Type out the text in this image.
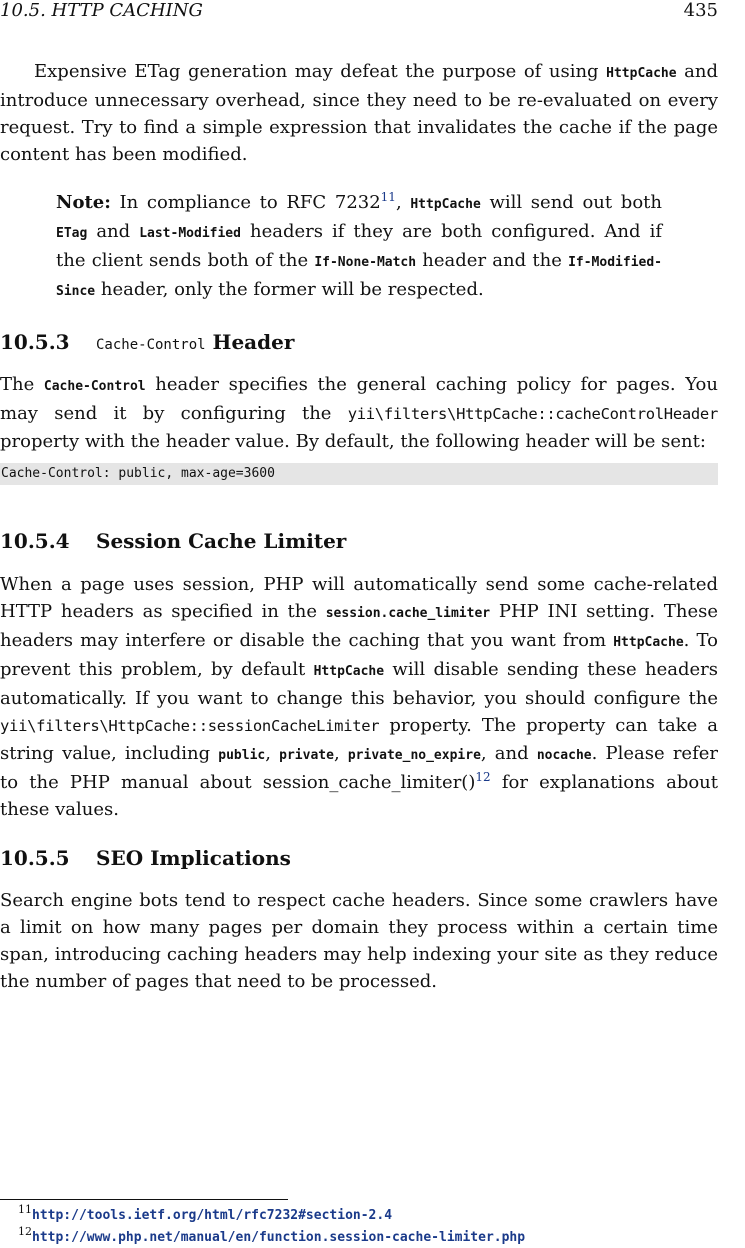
10.5. HTTP CACHING	435

Expensive ETag generation may defeat the purpose of using HttpCache and introduce unnecessary overhead, since they need to be re-evaluated on every request. Try to find a simple expression that invalidates the cache if the page content has been modified.

Note: In compliance to RFC 7232$^{11}$, HttpCache will send out both ETag and Last-Modified headers if they are both configured. And if the client sends both of the If-None-Match header and the If-Modified-Since header, only the former will be respected.

10.5.3 Cache-Control Header

The Cache-Control header specifies the general caching policy for pages. You may send it by configuring the yii\filters\HttpCache::cacheControlHeader property with the header value. By default, the following header will be sent:

Cache-Control: public, max-age=3600
10.5.4 Session Cache Limiter

When a page uses session, PHP will automatically send some cache-related HTTP headers as specified in the session.cache_limiter PHP INI setting. These headers may interfere or disable the caching that you want from HttpCache. To prevent this problem, by default HttpCache will disable sending these headers automatically. If you want to change this behavior, you should configure the yii\filters\HttpCache::sessionCacheLimiter property. The property can take a string value, including public, private, private_no_expire, and nocache. Please refer to the PHP manual about session_cache_limiter()$^{12}$ for explanations about these values.

10.5.5 SEO Implications

Search engine bots tend to respect cache headers. Since some crawlers have a limit on how many pages per domain they process within a certain time span, introducing caching headers may help indexing your site as they reduce the number of pages that need to be processed.

$^{11}$http://tools.ietf.org/html/rfc7232#section-2.4
$^{12}$http://www.php.net/manual/en/function.session-cache-limiter.php
